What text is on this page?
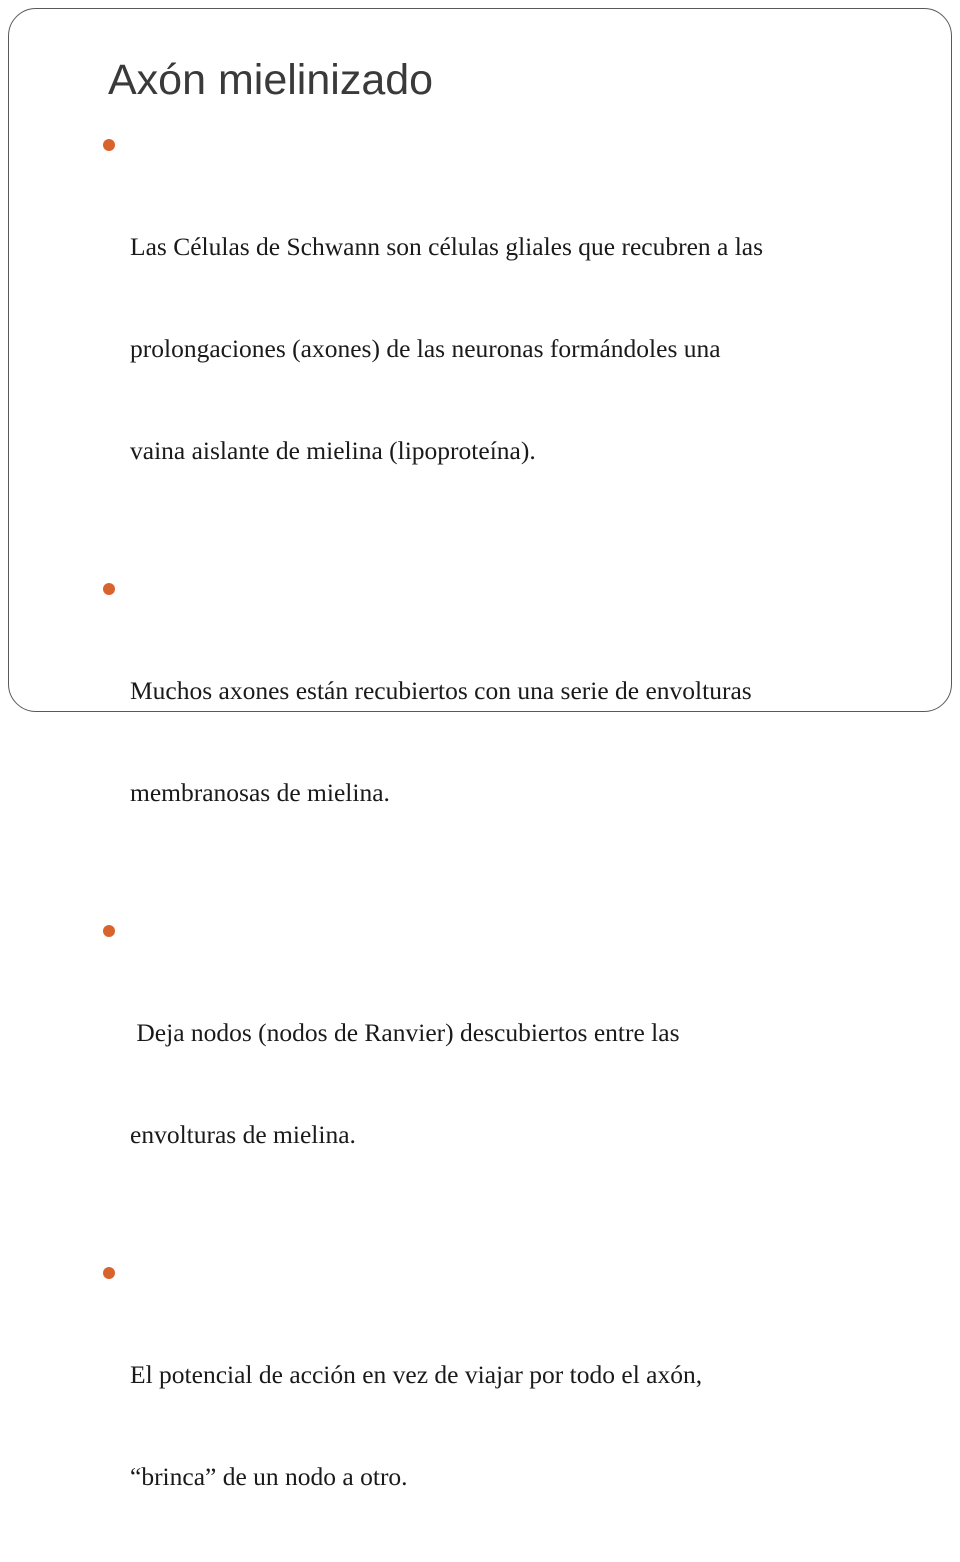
Axón mielinizado

Las Células de Schwann son células gliales que recubren a las

prolongaciones (axones) de las neuronas formándoles una

vaina aislante de mielina (lipoproteína).

Muchos axones están recubiertos con una serie de envolturas

membranosas de mielina.

Deja nodos (nodos de Ranvier) descubiertos entre las

envolturas de mielina.

El potencial de acción en vez de viajar por todo el axón,

“brinca” de un nodo a otro.
